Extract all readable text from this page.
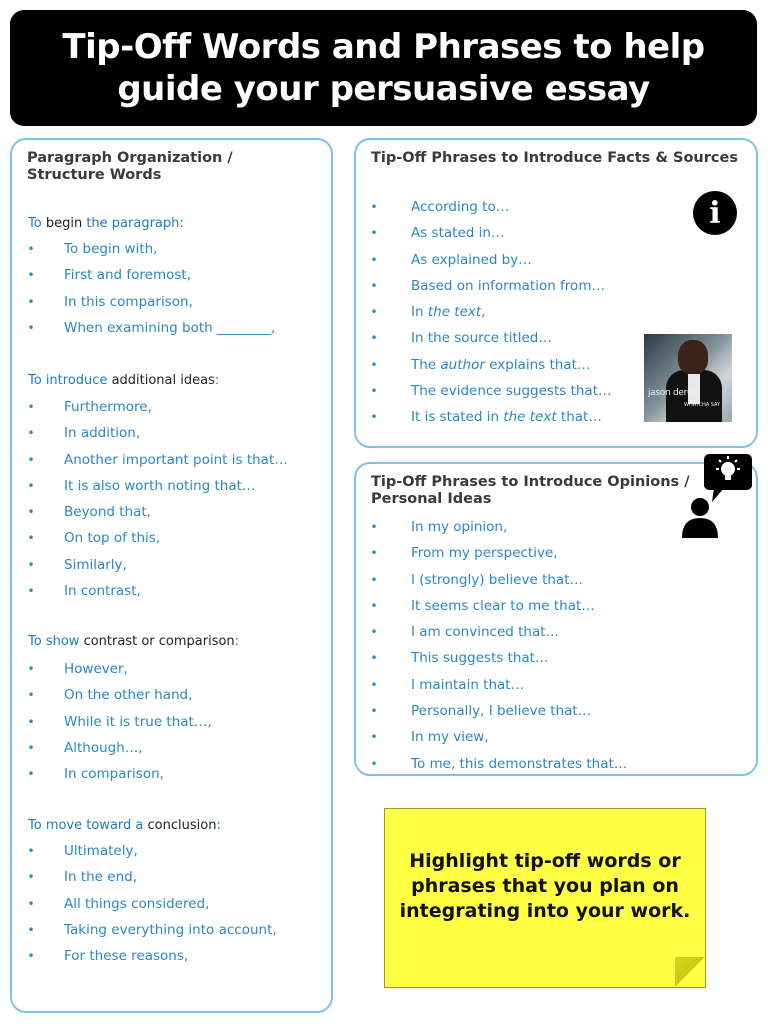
Tip-Off Words and Phrases to help
guide your persuasive essay
Paragraph Organization /
Structure Words
To begin the paragraph:
• To begin with,
• First and foremost,
• In this comparison,
• When examining both ________,
To introduce additional ideas:
• Furthermore,
• In addition,
• Another important point is that…
• It is also worth noting that…
• Beyond that,
• On top of this,
• Similarly,
• In contrast,
To show contrast or comparison:
• However,
• On the other hand,
• While it is true that…,
• Although…,
• In comparison,
To move toward a conclusion:
• Ultimately,
• In the end,
• All things considered,
• Taking everything into account,
• For these reasons,
Tip-Off Phrases to Introduce Facts & Sources
• According to…
• As stated in…
• As explained by…
• Based on information from…
• In the text,
• In the source titled…
• The author explains that…
• The evidence suggests that…
• It is stated in the text that…
i
jason derülo
WHATCHA SAY
Tip-Off Phrases to Introduce Opinions /
Personal Ideas
• In my opinion,
• From my perspective,
• I (strongly) believe that…
• It seems clear to me that…
• I am convinced that…
• This suggests that…
• I maintain that…
• Personally, I believe that…
• In my view,
• To me, this demonstrates that…
Highlight tip-off words or
phrases that you plan on
integrating into your work.
